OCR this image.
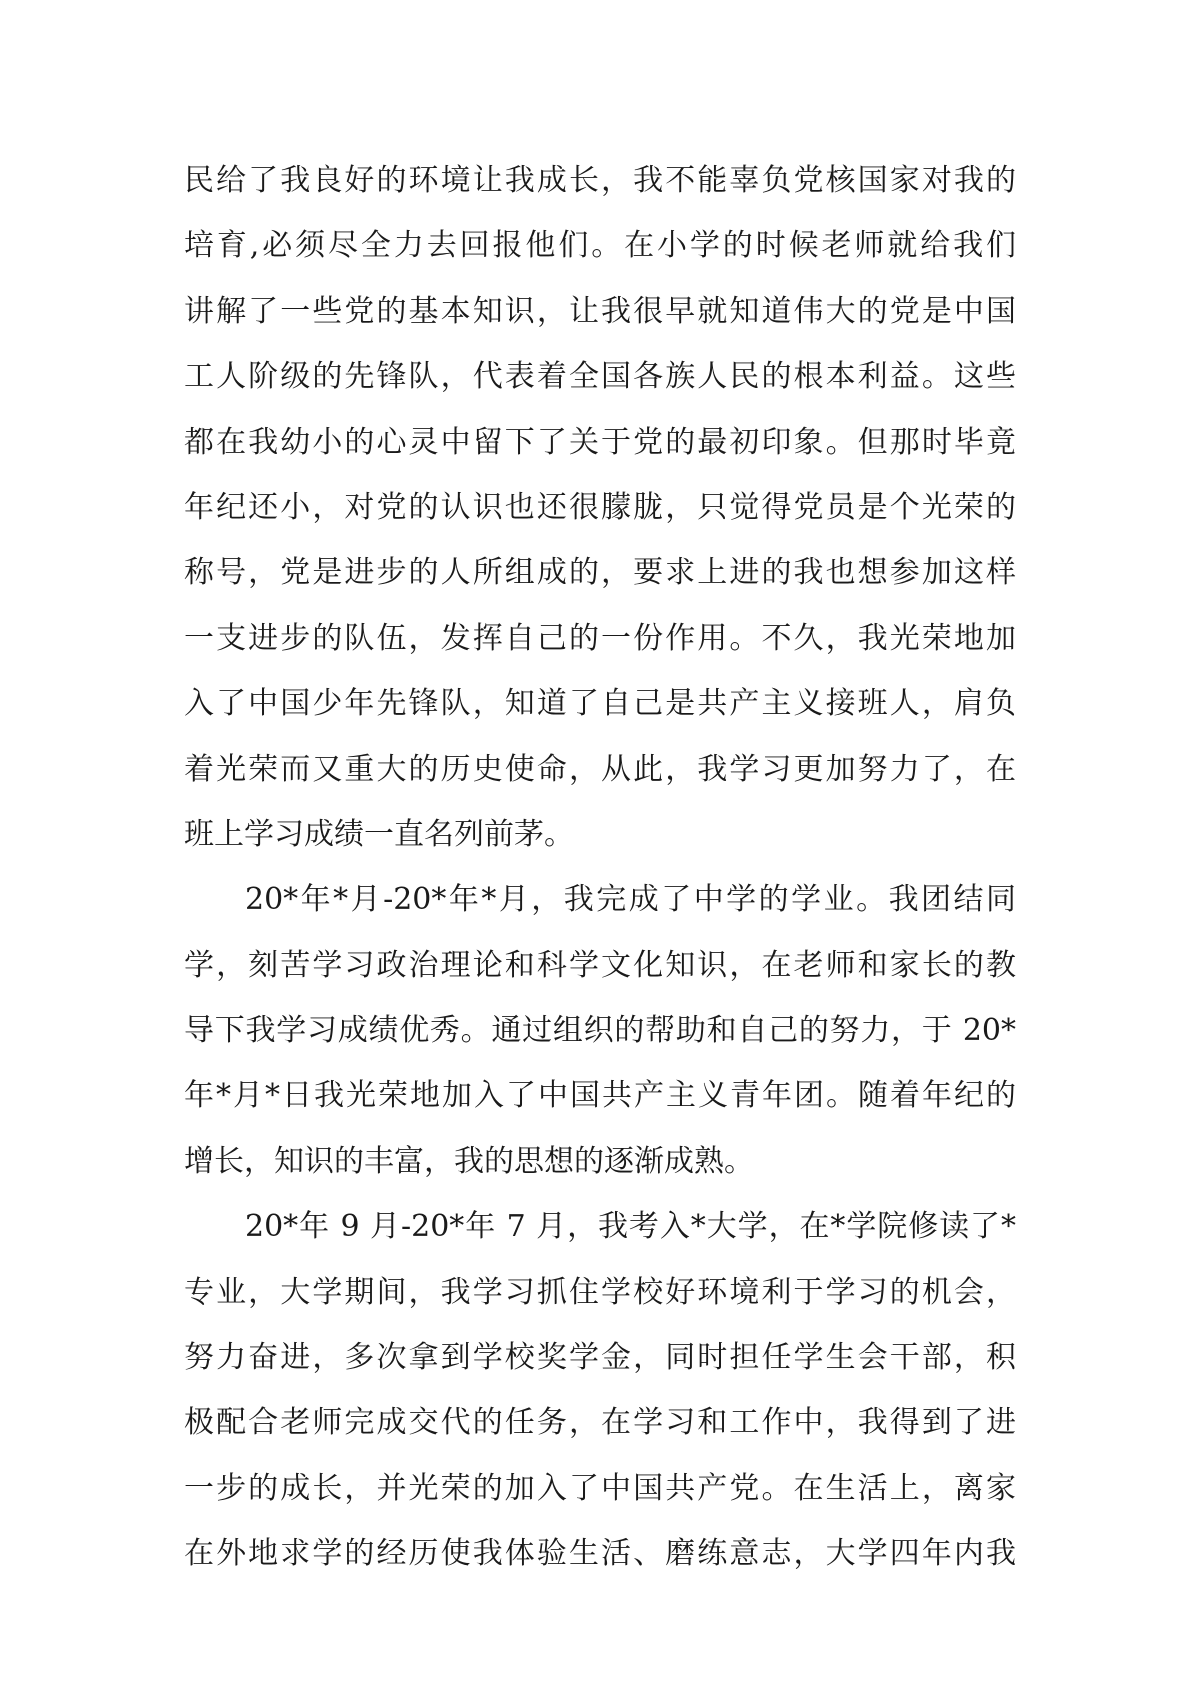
民给了我良好的环境让我成长，我不能辜负党核国家对我的
培育,必须尽全力去回报他们。在小学的时候老师就给我们
讲解了一些党的基本知识，让我很早就知道伟大的党是中国
工人阶级的先锋队，代表着全国各族人民的根本利益。这些
都在我幼小的心灵中留下了关于党的最初印象。但那时毕竟
年纪还小，对党的认识也还很朦胧，只觉得党员是个光荣的
称号，党是进步的人所组成的，要求上进的我也想参加这样
一支进步的队伍，发挥自己的一份作用。不久，我光荣地加
入了中国少年先锋队，知道了自己是共产主义接班人，肩负
着光荣而又重大的历史使命，从此，我学习更加努力了，在
班上学习成绩一直名列前茅。
20*年*月-20*年*月，我完成了中学的学业。我团结同
学，刻苦学习政治理论和科学文化知识，在老师和家长的教
导下我学习成绩优秀。通过组织的帮助和自己的努力，于 20*
年*月*日我光荣地加入了中国共产主义青年团。随着年纪的
增长，知识的丰富，我的思想的逐渐成熟。
20*年 9 月-20*年 7 月，我考入*大学，在*学院修读了*
专业，大学期间，我学习抓住学校好环境利于学习的机会，
努力奋进，多次拿到学校奖学金，同时担任学生会干部，积
极配合老师完成交代的任务，在学习和工作中，我得到了进
一步的成长，并光荣的加入了中国共产党。在生活上，离家
在外地求学的经历使我体验生活、磨练意志，大学四年内我
